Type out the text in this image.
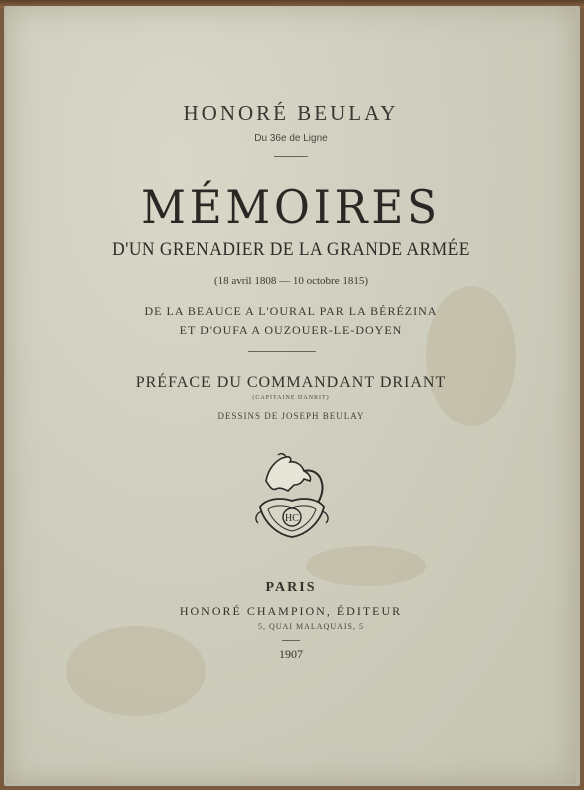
HONORÉ BEULAY
Du 36e de Ligne
MÉMOIRES
D'UN GRENADIER DE LA GRANDE ARMÉE
(18 avril 1808 — 10 octobre 1815)
DE LA BEAUCE A L'OURAL PAR LA BÉRÉZINA
ET D'OUFA A OUZOUER-LE-DOYEN
PRÉFACE DU COMMANDANT DRIANT
(CAPITAINE DANRIT)
DESSINS DE JOSEPH BEULAY
HC
PARIS
HONORÉ CHAMPION, ÉDITEUR
5, QUAI MALAQUAIS, 5
1907
